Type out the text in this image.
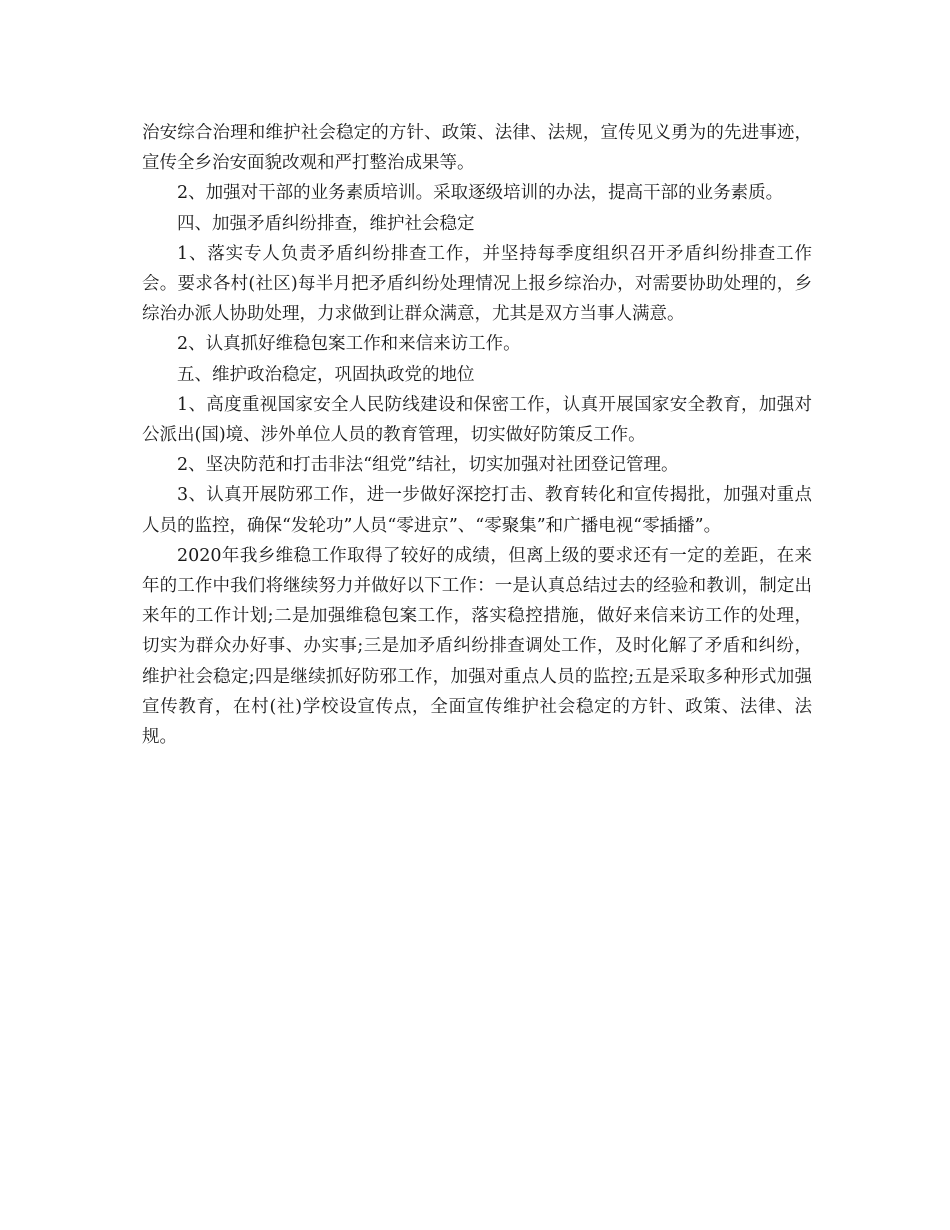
治安综合治理和维护社会稳定的方针、政策、法律、法规，宣传见义勇为的先进事迹，宣传全乡治安面貌改观和严打整治成果等。

2、加强对干部的业务素质培训。采取逐级培训的办法，提高干部的业务素质。

四、加强矛盾纠纷排查，维护社会稳定

1、落实专人负责矛盾纠纷排查工作，并坚持每季度组织召开矛盾纠纷排查工作会。要求各村(社区)每半月把矛盾纠纷处理情况上报乡综治办，对需要协助处理的，乡综治办派人协助处理，力求做到让群众满意，尤其是双方当事人满意。

2、认真抓好维稳包案工作和来信来访工作。

五、维护政治稳定，巩固执政党的地位

1、高度重视国家安全人民防线建设和保密工作，认真开展国家安全教育，加强对公派出(国)境、涉外单位人员的教育管理，切实做好防策反工作。

2、坚决防范和打击非法“组党”结社，切实加强对社团登记管理。

3、认真开展防邪工作，进一步做好深挖打击、教育转化和宣传揭批，加强对重点人员的监控，确保“发轮功”人员“零进京”、“零聚集”和广播电视“零插播”。

2020年我乡维稳工作取得了较好的成绩，但离上级的要求还有一定的差距，在来年的工作中我们将继续努力并做好以下工作：一是认真总结过去的经验和教训，制定出来年的工作计划;二是加强维稳包案工作，落实稳控措施，做好来信来访工作的处理，切实为群众办好事、办实事;三是加矛盾纠纷排查调处工作，及时化解了矛盾和纠纷，维护社会稳定;四是继续抓好防邪工作，加强对重点人员的监控;五是采取多种形式加强宣传教育，在村(社)学校设宣传点，全面宣传维护社会稳定的方针、政策、法律、法规。
